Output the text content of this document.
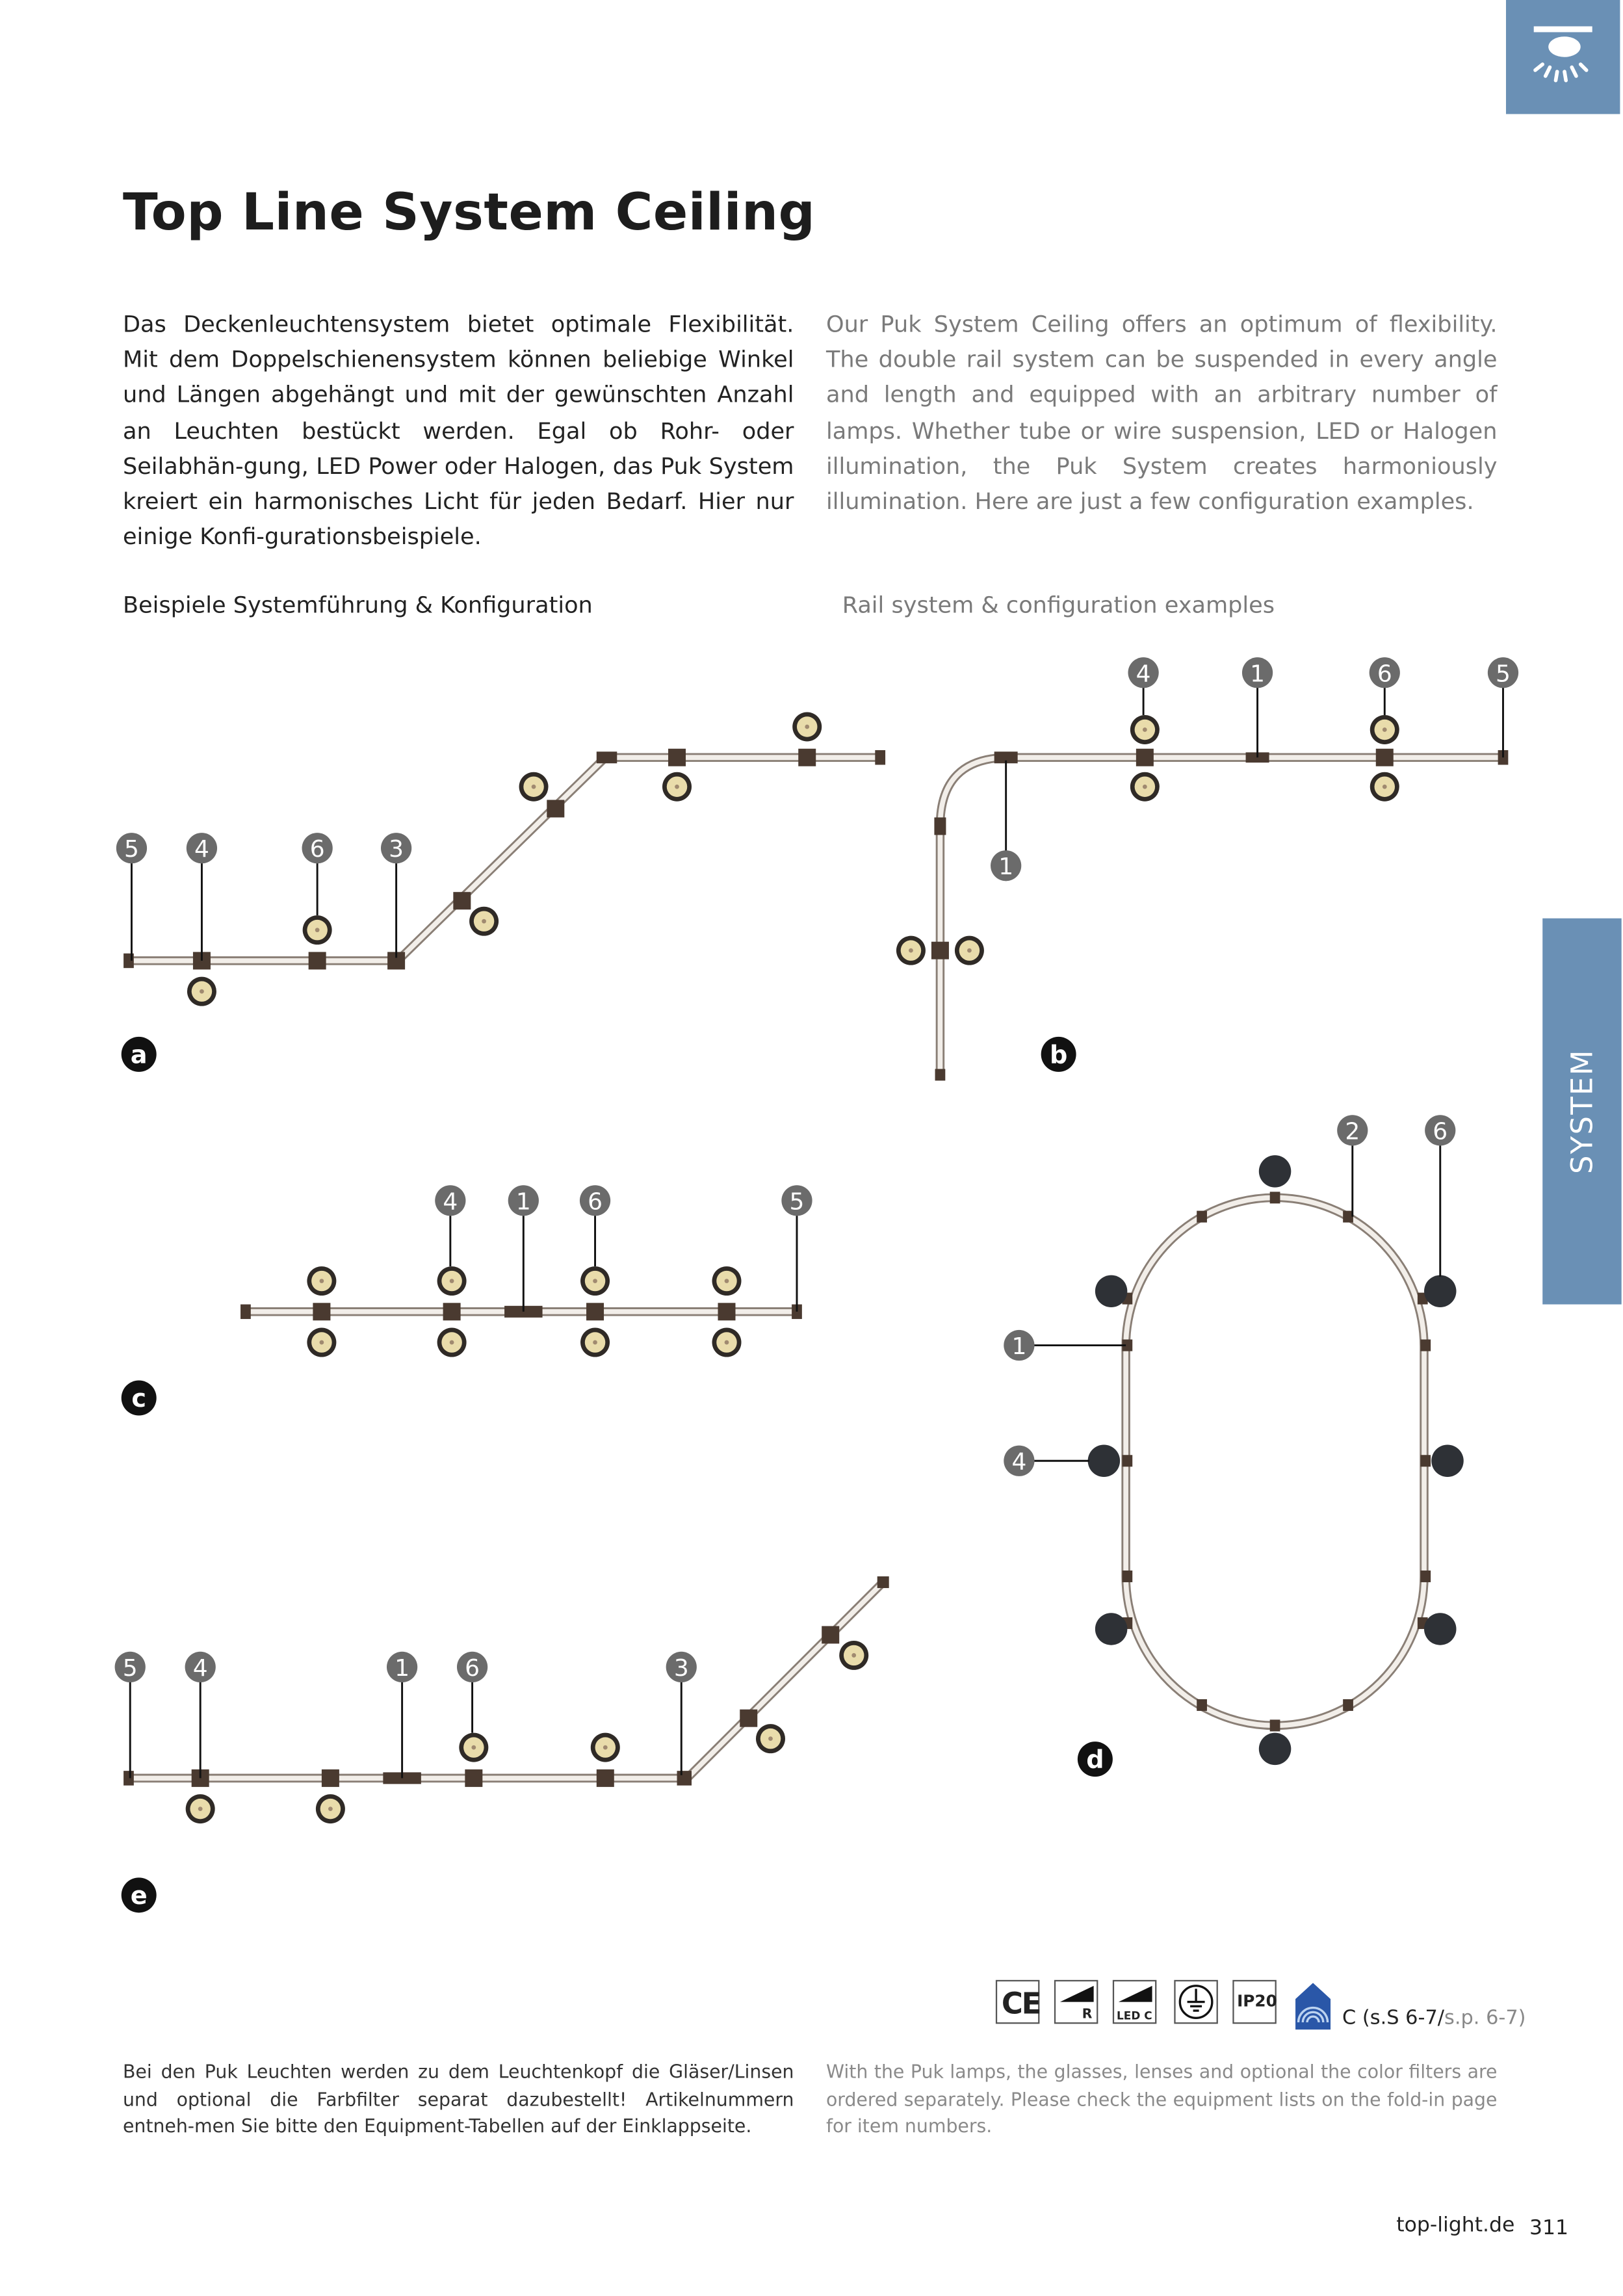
Top Line System Ceiling
Das Deckenleuchtensystem bietet optimale Flexibilität. Mit dem Doppelschienensystem können beliebige Winkel und Längen abgehängt und mit der gewünschten Anzahl an Leuchten bestückt werden. Egal ob Rohr- oder Seilabhän-gung, LED Power oder Halogen, das Puk System kreiert ein harmonisches Licht für jeden Bedarf. Hier nur einige Konfi-gurationsbeispiele.
Our Puk System Ceiling offers an optimum of flexibility. The double rail system can be suspended in every angle and length and equipped with an arbitrary number of lamps. Whether tube or wire suspension, LED or Halogen illumination, the Puk System creates harmoniously illumination. Here are just a few configuration examples.
Beispiele Systemführung & Konfiguration	Rail system & configuration examples
SYSTEM
5	4	6	3
a
4	1	6	5
1
b
4	1	6	5
c
2	6
1
4
d
5	4	1	6	3
e
CE	R	LED C
IP20
C (s.S 6-7/s.p. 6-7)
Bei den Puk Leuchten werden zu dem Leuchtenkopf die Gläser/Linsen und optional die Farbfilter separat dazubestellt! Artikelnummern entneh-men Sie bitte den Equipment-Tabellen auf der Einklappseite.
With the Puk lamps, the glasses, lenses and optional the color filters are ordered separately. Please check the equipment lists on the fold-in page for item numbers.
top-light.de 311
